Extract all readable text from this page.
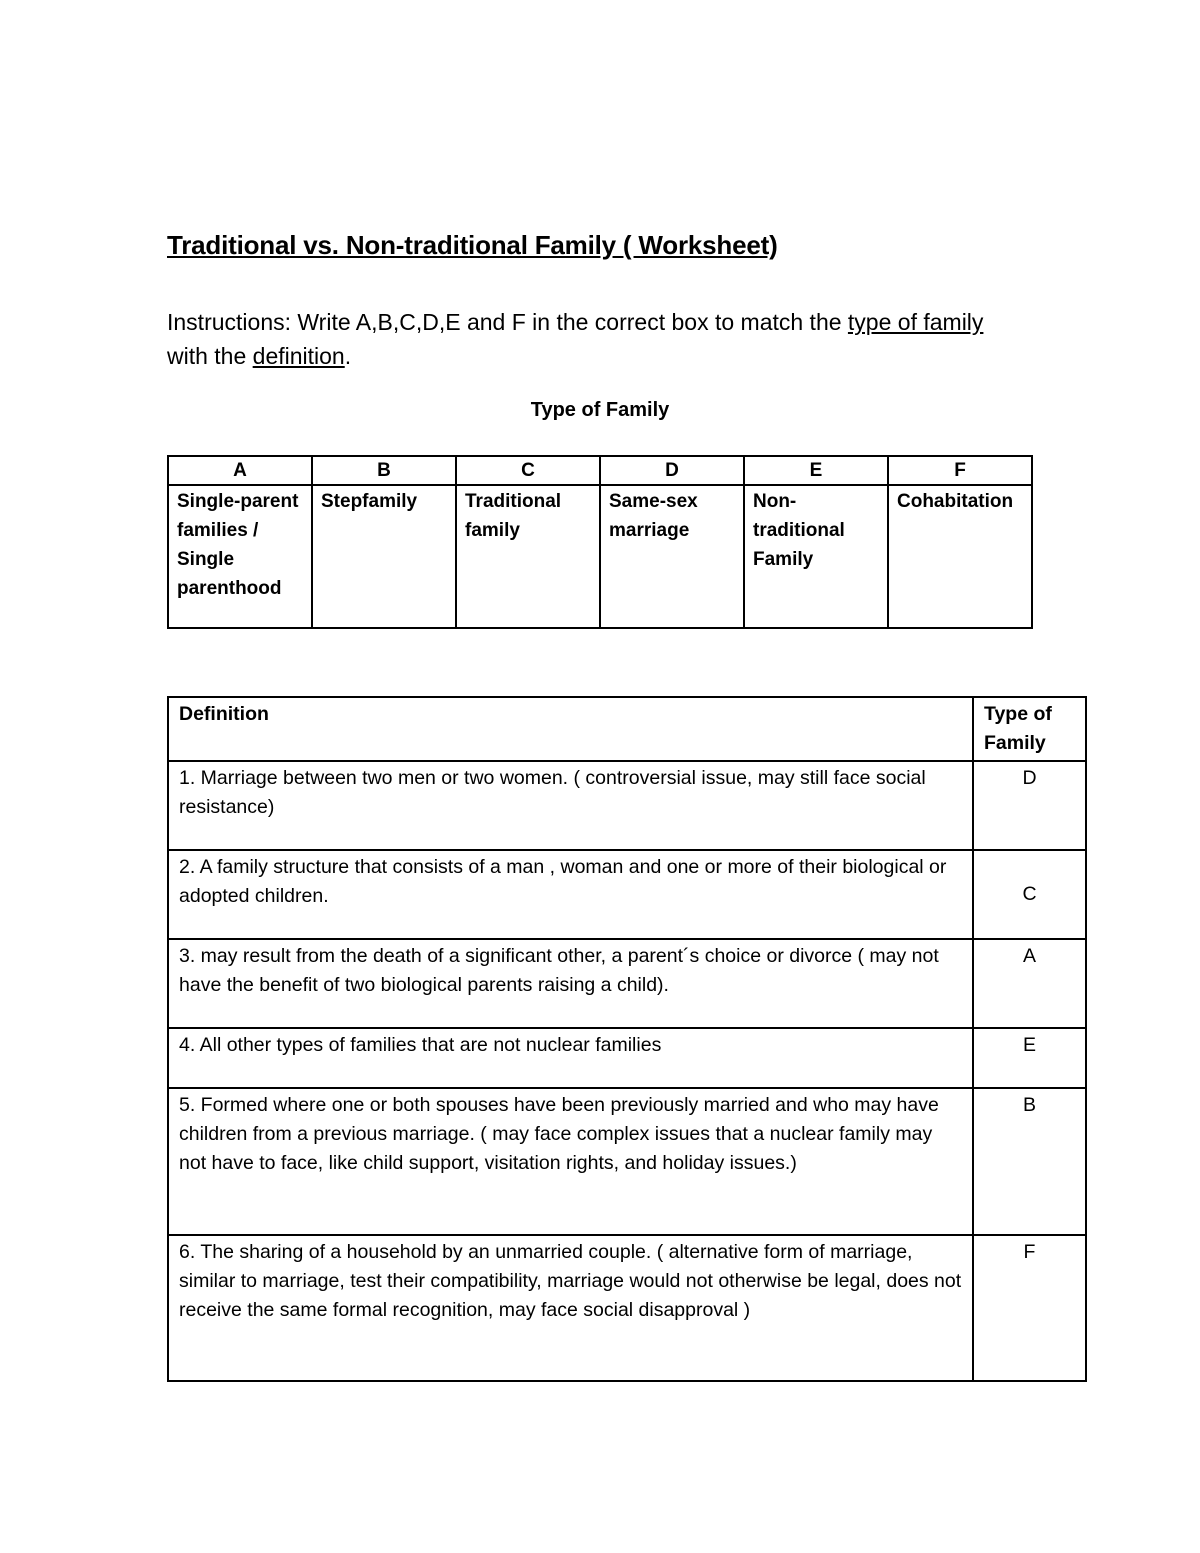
Traditional vs. Non-traditional Family ( Worksheet)
Instructions: Write A,B,C,D,E and F in the correct box to match the type of family with the definition.
Type of Family
A	B	C	D	E	F
Single-parent families / Single parenthood	Stepfamily	Traditional family	Same-sex marriage	Non-traditional Family	Cohabitation
Definition	Type of Family
1. Marriage between two men or two women. ( controversial issue, may still face social resistance)	D
2. A family structure that consists of a man , woman and one or more of their biological or adopted children.	C
3. may result from the death of a significant other, a parent´s choice or divorce ( may not have the benefit of two biological parents raising a child).	A
4. All other types of families that are not nuclear families	E
5. Formed where one or both spouses have been previously married and who may have children from a previous marriage. ( may face complex issues that a nuclear family may not have to face, like child support, visitation rights, and holiday issues.)	B
6. The sharing of a household by an unmarried couple. ( alternative form of marriage, similar to marriage, test their compatibility, marriage would not otherwise be legal, does not receive the same formal recognition, may face social disapproval )	F
